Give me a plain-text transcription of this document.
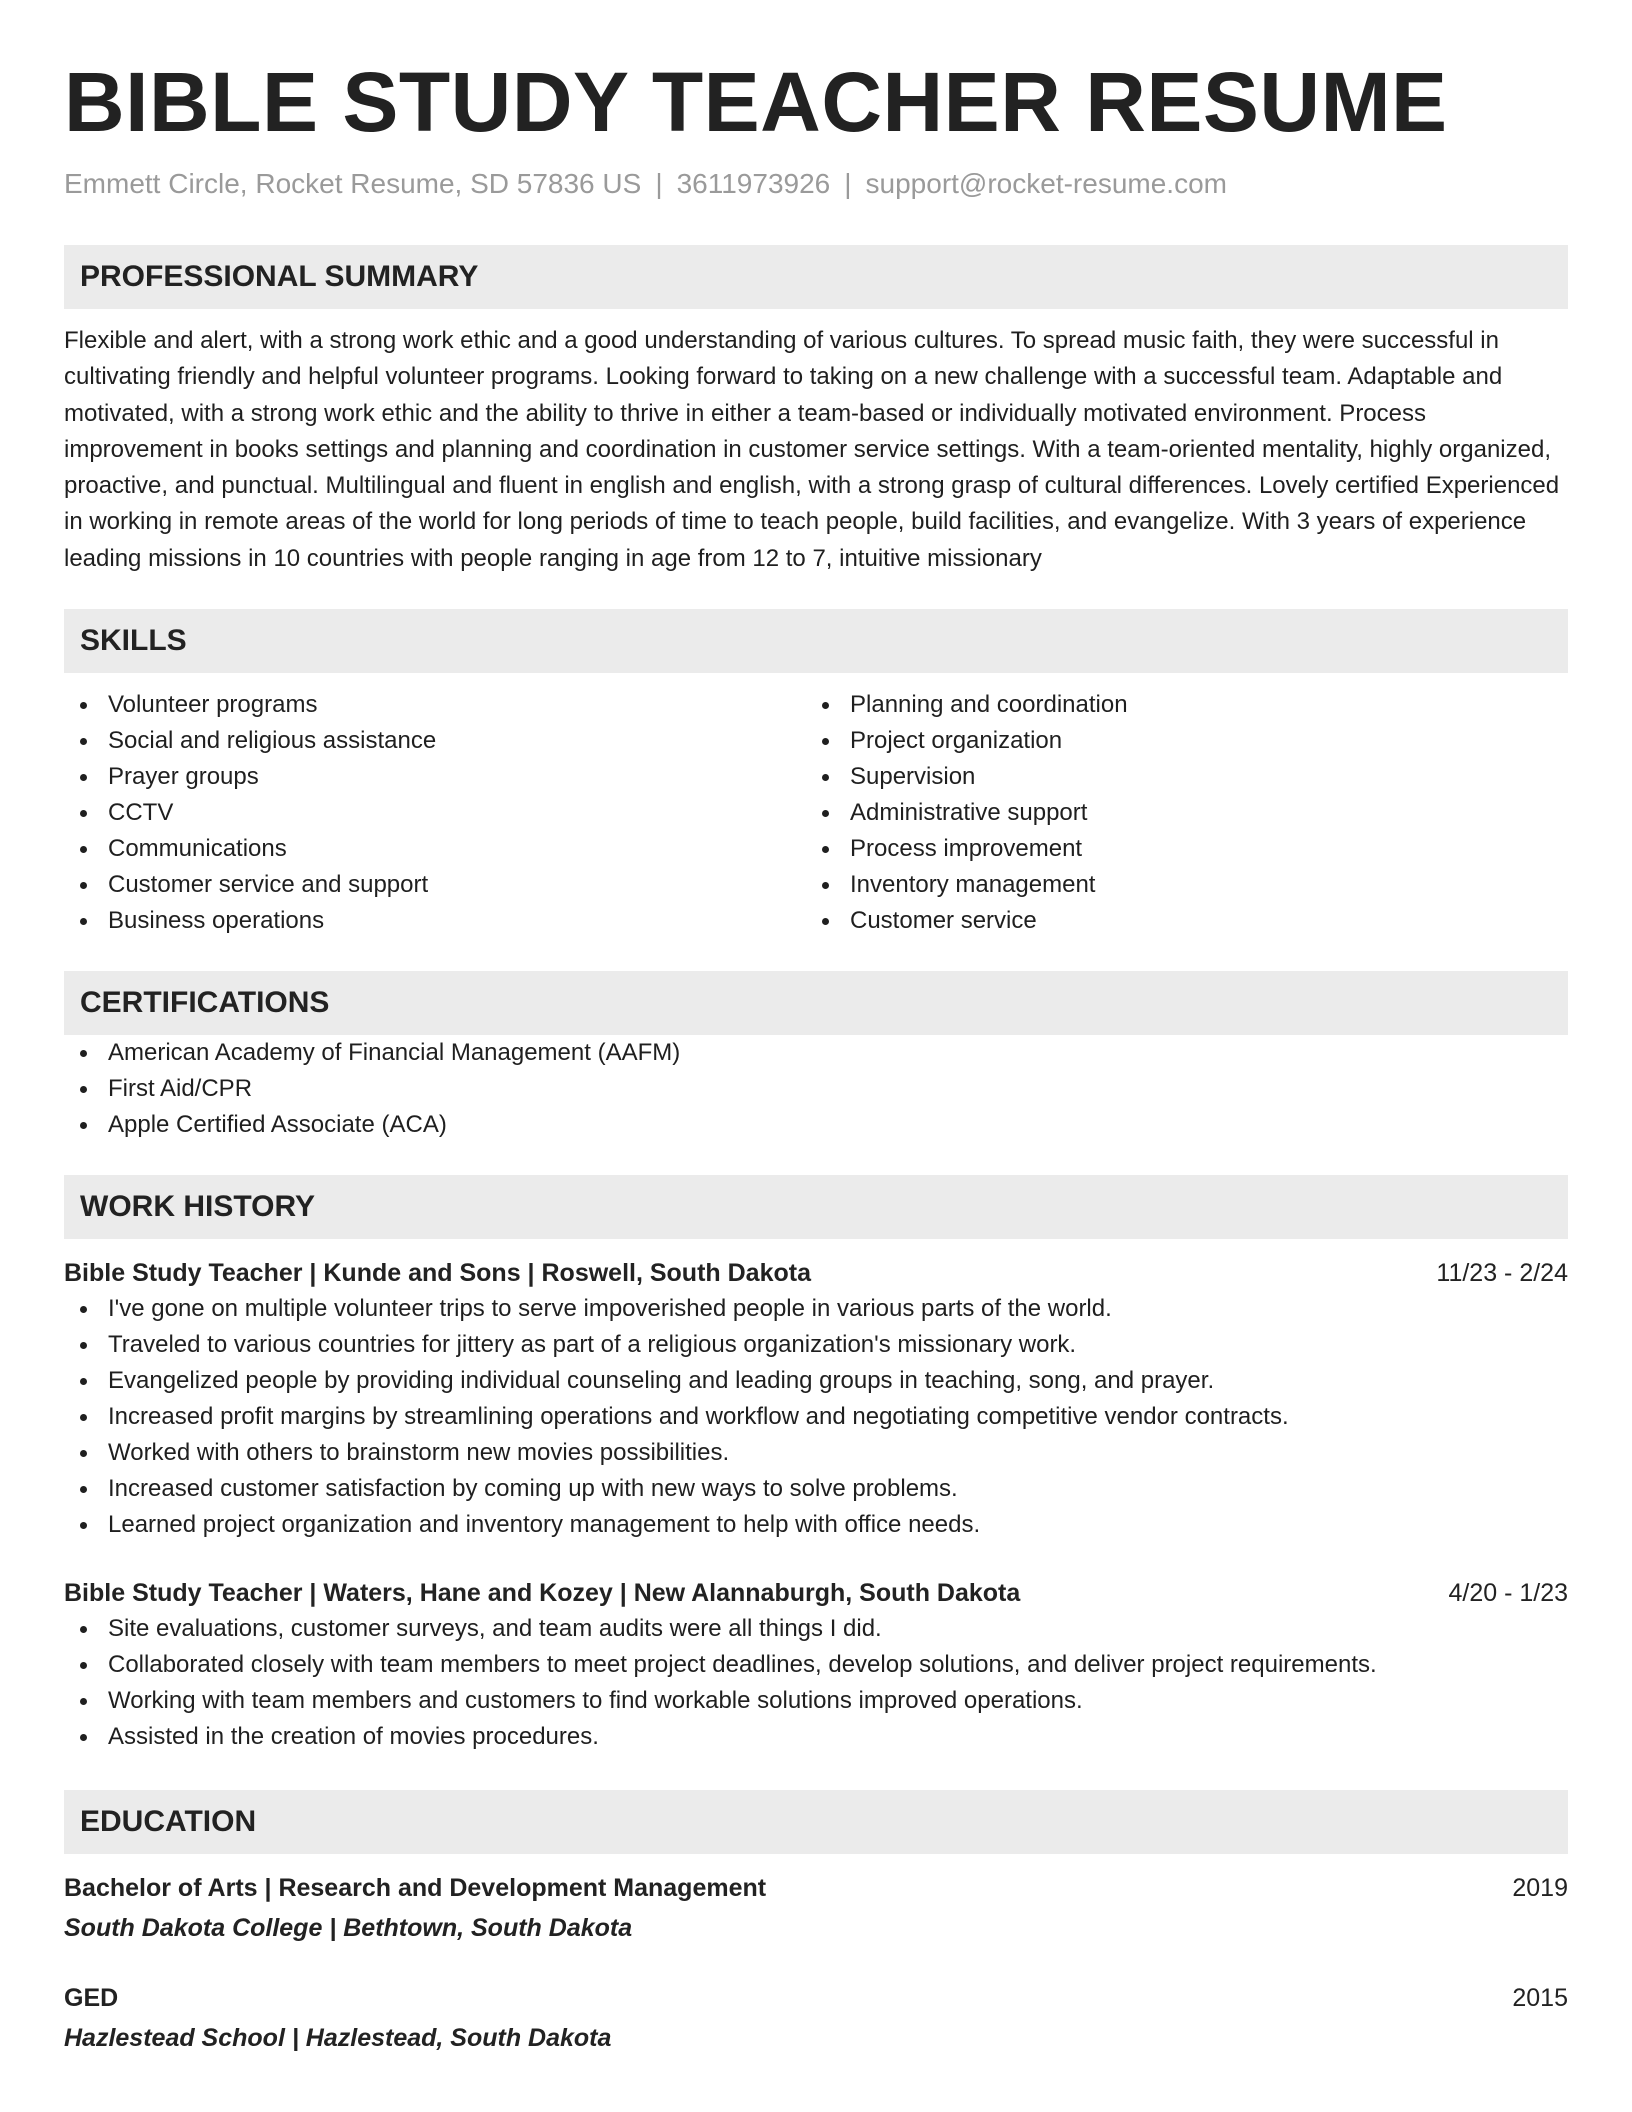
BIBLE STUDY TEACHER RESUME
Emmett Circle, Rocket Resume, SD 57836 US | 3611973926 | support@rocket-resume.com
PROFESSIONAL SUMMARY

Flexible and alert, with a strong work ethic and a good understanding of various cultures. To spread music faith, they were successful in cultivating friendly and helpful volunteer programs. Looking forward to taking on a new challenge with a successful team. Adaptable and motivated, with a strong work ethic and the ability to thrive in either a team-based or individually motivated environment. Process improvement in books settings and planning and coordination in customer service settings. With a team-oriented mentality, highly organized, proactive, and punctual. Multilingual and fluent in english and english, with a strong grasp of cultural differences. Lovely certified Experienced in working in remote areas of the world for long periods of time to teach people, build facilities, and evangelize. With 3 years of experience leading missions in 10 countries with people ranging in age from 12 to 7, intuitive missionary

SKILLS
Volunteer programs
Social and religious assistance
Prayer groups
CCTV
Communications
Customer service and support
Business operations
Planning and coordination
Project organization
Supervision
Administrative support
Process improvement
Inventory management
Customer service
CERTIFICATIONS
American Academy of Financial Management (AAFM)
First Aid/CPR
Apple Certified Associate (ACA)
WORK HISTORY
Bible Study Teacher | Kunde and Sons | Roswell, South Dakota	11/23 - 2/24
I've gone on multiple volunteer trips to serve impoverished people in various parts of the world.
Traveled to various countries for jittery as part of a religious organization's missionary work.
Evangelized people by providing individual counseling and leading groups in teaching, song, and prayer.
Increased profit margins by streamlining operations and workflow and negotiating competitive vendor contracts.
Worked with others to brainstorm new movies possibilities.
Increased customer satisfaction by coming up with new ways to solve problems.
Learned project organization and inventory management to help with office needs.
Bible Study Teacher | Waters, Hane and Kozey | New Alannaburgh, South Dakota	4/20 - 1/23
Site evaluations, customer surveys, and team audits were all things I did.
Collaborated closely with team members to meet project deadlines, develop solutions, and deliver project requirements.
Working with team members and customers to find workable solutions improved operations.
Assisted in the creation of movies procedures.
EDUCATION
Bachelor of Arts | Research and Development Management	2019
South Dakota College | Bethtown, South Dakota
GED	2015
Hazlestead School | Hazlestead, South Dakota
